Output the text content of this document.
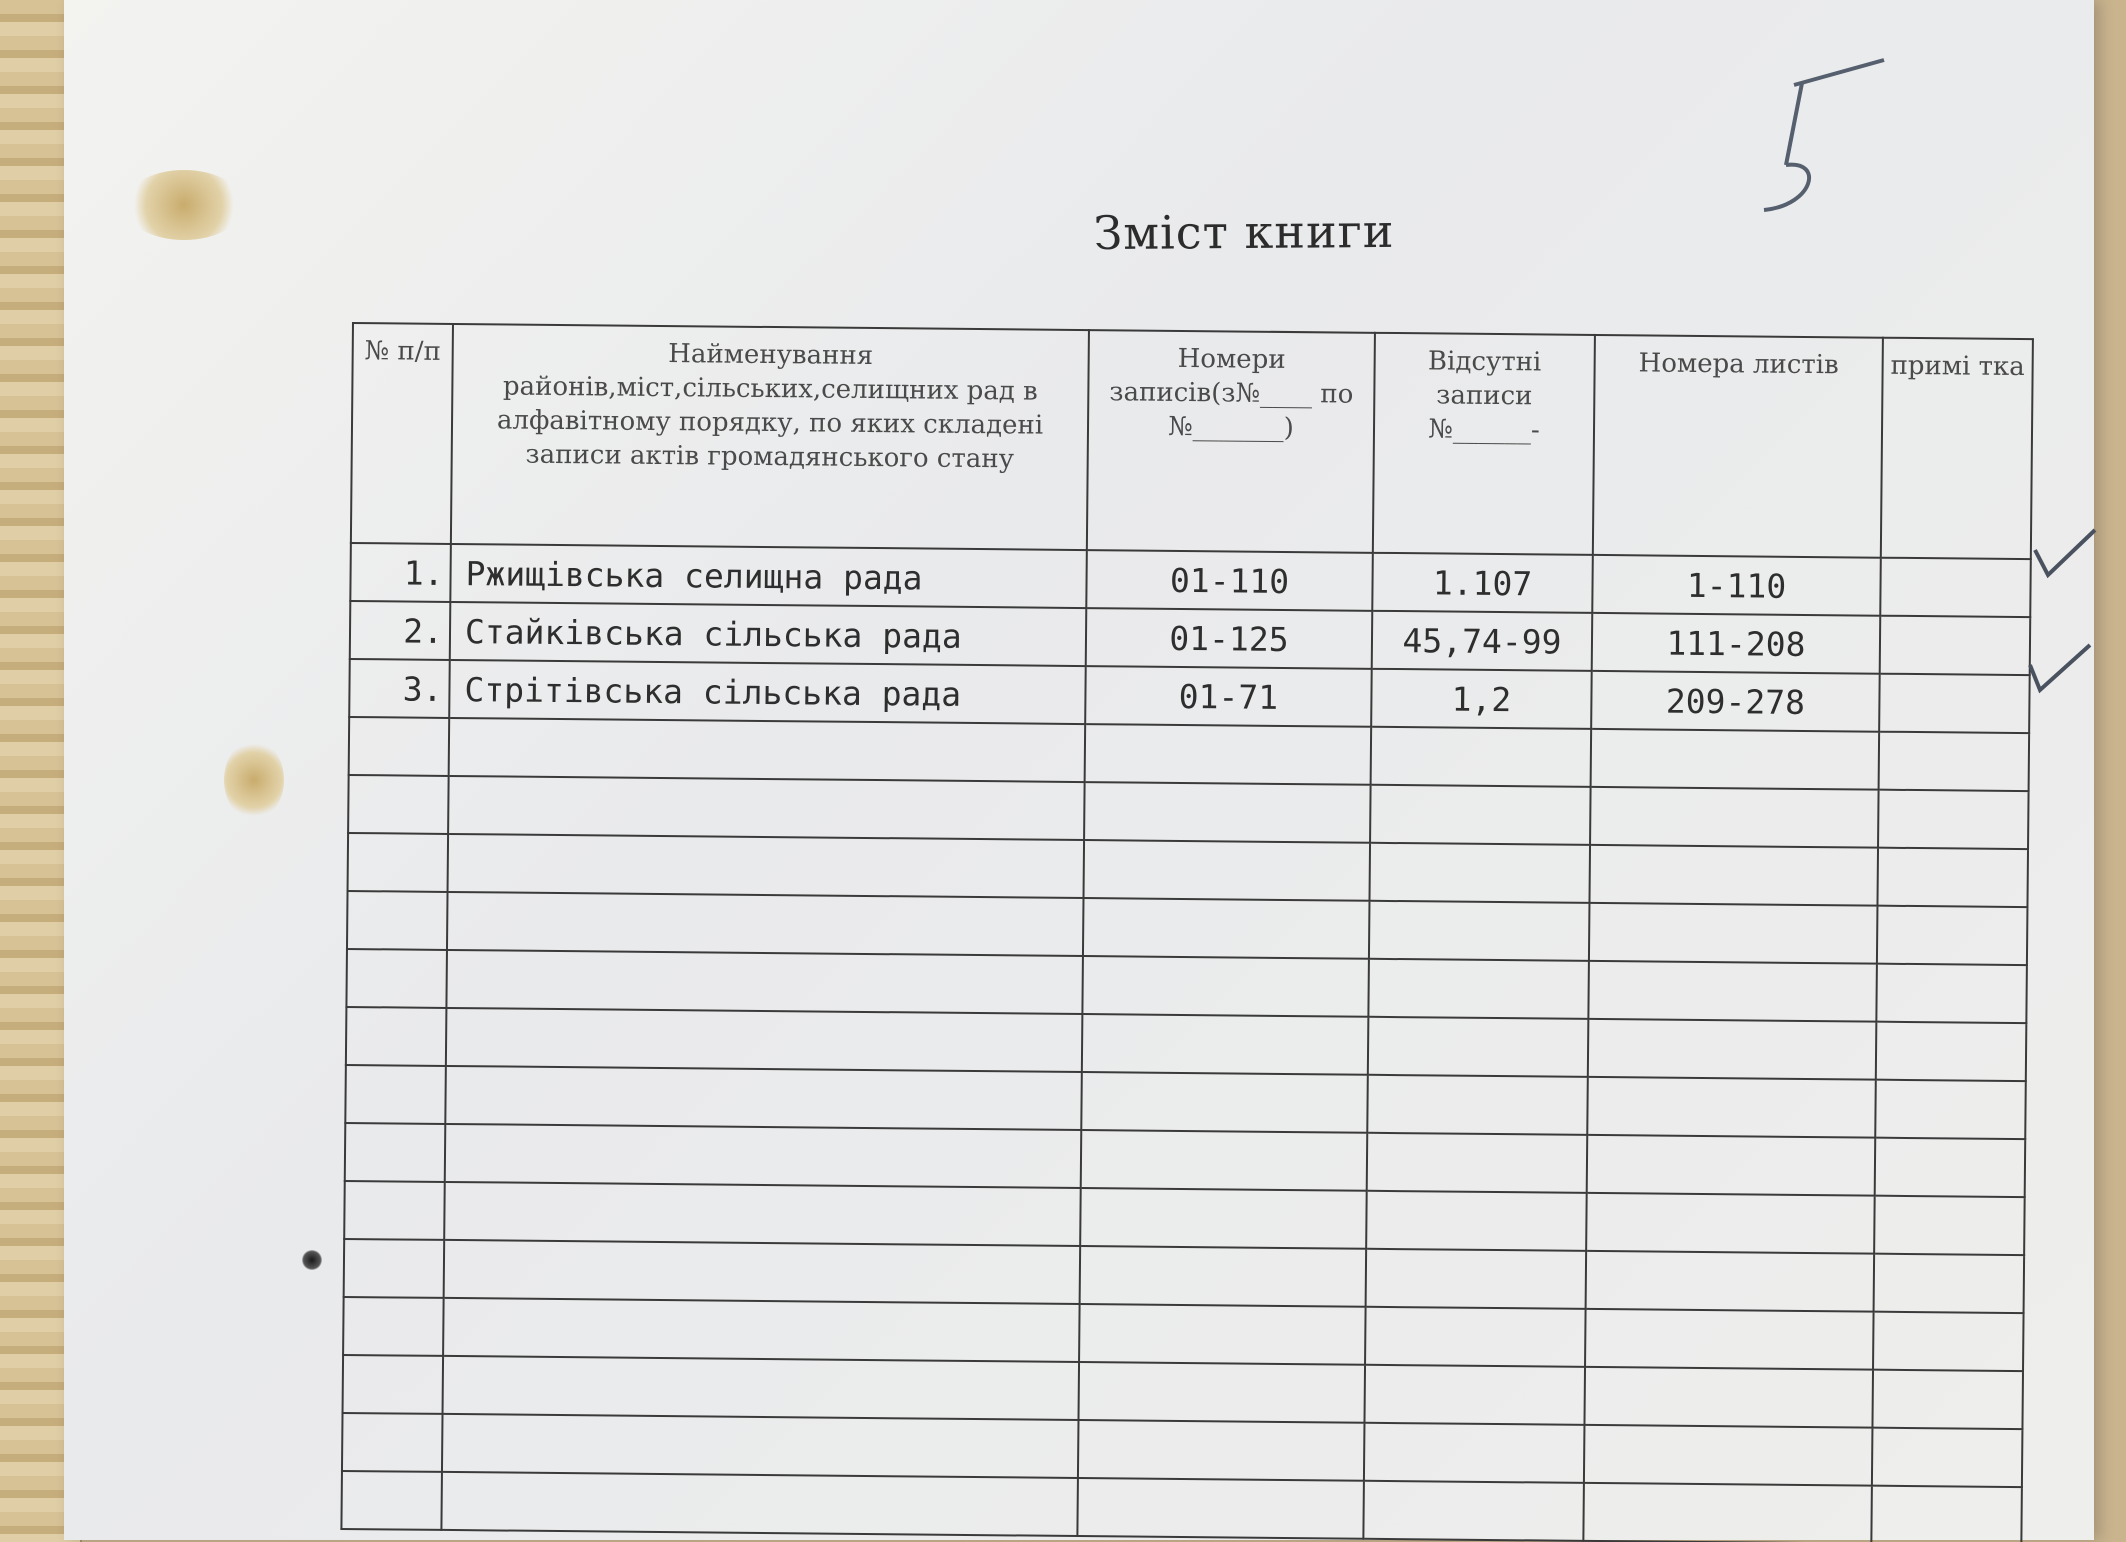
Зміст книги
№ п/п	Найменування районів,міст,сільських,селищних рад в алфавітному порядку, по яких складені записи актів громадянського стану	Номери записів(з№____ по №_______)	Відсутні записи №______-	Номера листів	примі тка
1.	Ржищівська селищна рада	01-110	1.107	1-110	
2.	Стайківська сільська рада	01-125	45,74-99	111-208	
3.	Стрітівська сільська рада	01-71	1,2	209-278	
